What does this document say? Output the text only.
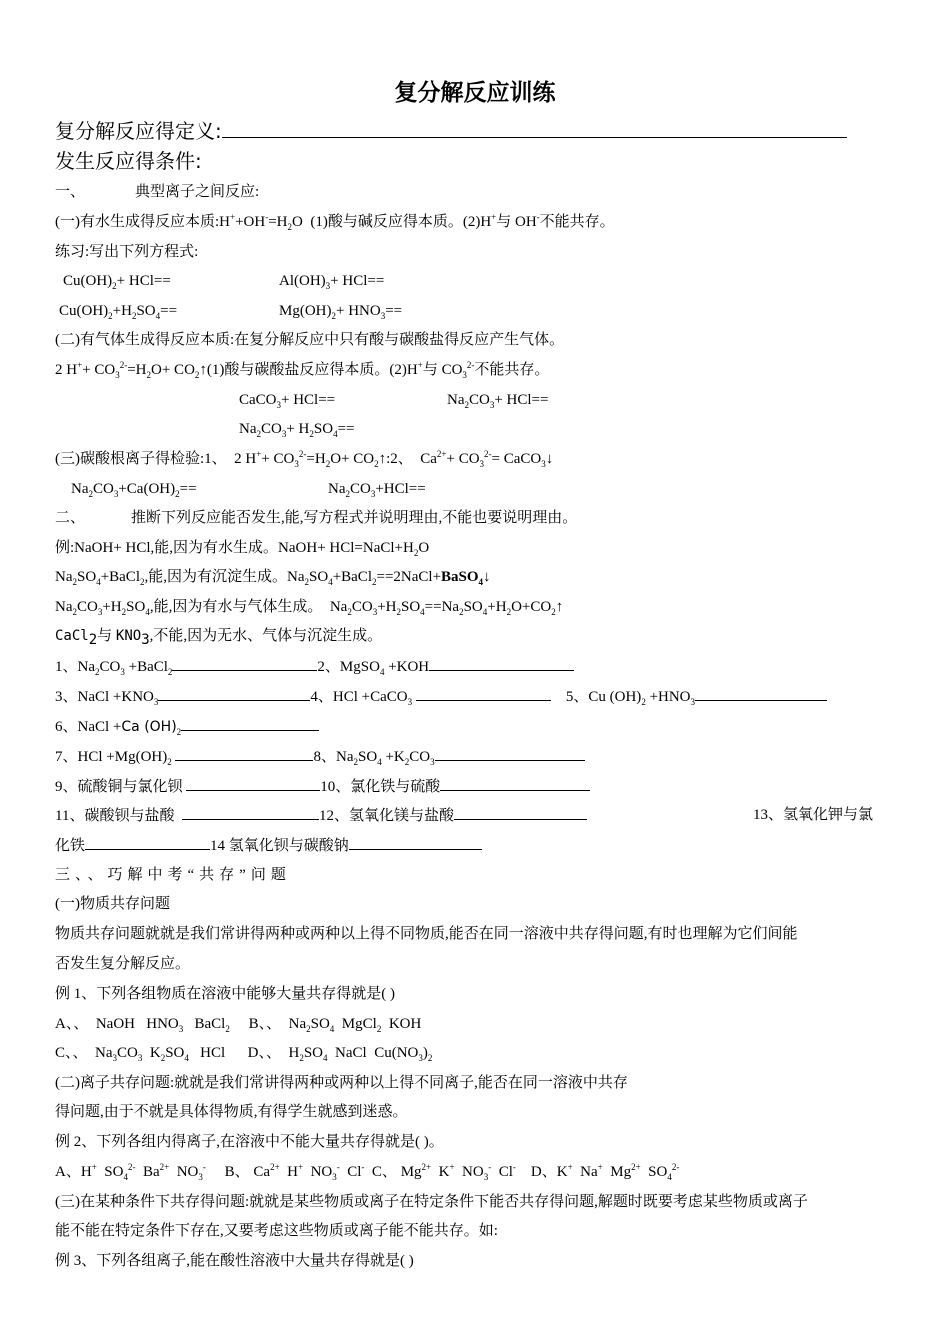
复分解反应训练
复分解反应得定义:
发生反应得条件:
一、	典型离子之间反应:
(一)有水生成得反应本质$:H^++OH^-=H_2O$  (1)酸与碱反应得本质。(2)H+与 OH-不能共存。
练习:写出下列方程式:
$Cu(OH)_2+ HCl==$	$Al(OH)_3+ HCl==$
$Cu(OH)_2+H_2SO_4==$	$Mg(OH)_2+ HNO_3==$
(二)有气体生成得反应本质:在复分解反应中只有酸与碳酸盐得反应产生气体。
2 $H^++ CO_3^{2-}=H_2O+$ $CO_2↑(1)$酸与碳酸盐反应得本质。(2)H+与 $CO_3^{2-}$不能共存。
CaCO$_3$+ HCl==	$Na_2CO_3+ HCl==$
$Na_2CO_3+ H_2SO_4==$
(三)碳酸根离子得检验:1、  2 $H^++ CO_3^{2-}=H_2O+$ $CO_2↑:2$、  $Ca^{2+}+ CO_3^{2-}=$ CaCO$_3$↓
$Na_2CO_3+Ca(OH)_2==$	$Na_2CO_3+HCl==$
二、	推断下列反应能否发生,能,写方程式并说明理由,不能也要说明理由。
例:NaOH+ HCl,能,因为有水生成。NaOH+ $HCl=NaCl+H_2O$
$Na_2SO_4+BaCl_2$,能,因为有沉淀生成。$Na_2SO_4+BaCl_2==2NaCl+BaSO_4↓$
$Na_2CO_3+H_2SO_4$,能,因为有水与气体生成。  $Na_2CO_3+H_2SO_4==Na_2SO_4+H_2O+CO_2↑$
CaCl$_2$与 $KNO_3$,不能,因为无水、气体与沉淀生成。
1、$Na_2CO_3$ +BaCl$_2$	2、MgSO$_4$ +KOH
3、NaCl $+KNO_3$	4、HCl +CaCO$_3$	5、Cu $(OH)_2 +HNO_3$
6、NaCl +Ca $(OH)_2$
7、HCl $+Mg(OH)_2$	8、$Na_2SO_4 +K_2CO_3$
9、硫酸铜与氯化钡	10、氯化铁与硫酸
11、碳酸钡与盐酸	12、氢氧化镁与盐酸	13、氢氧化钾与氯
化铁	14 氢氧化钡与碳酸钠
三、、巧解中考“共存”问题
(一)物质共存问题
物质共存问题就就是我们常讲得两种或两种以上得不同物质,能否在同一溶液中共存得问题,有时也理解为它们间能
否发生复分解反应。
例 1、下列各组物质在溶液中能够大量共存得就是( )
A、、  NaOH   $HNO_3$   BaCl$_2$ B、、  $Na_2SO_4$  MgCl$_2$  KOH
C、、  $Na_3CO_3$  $K_2SO_4$   HCl      D、、  $H_2SO_4$  NaCl  $Cu(NO_3)_2$
(二)离子共存问题:就就是我们常讲得两种或两种以上得不同离子,能否在同一溶液中共存
得问题,由于不就是具体得物质,有得学生就感到迷惑。
例 2、下列各组内得离子,在溶液中不能大量共存得就是( )。
A、H+  $SO_4^{2-}$  $Ba^{2+}$  $NO_3^-$ B、 $Ca^{2+}$  H+  $NO_3^-$  Cl- C、 $Mg^{2+}$  K+  $NO_3^-$  Cl- D、K+  Na+  $Mg^{2+}$  $SO_4^{2-}$
(三)在某种条件下共存得问题:就就是某些物质或离子在特定条件下能否共存得问题,解题时既要考虑某些物质或离子
能不能在特定条件下存在,又要考虑这些物质或离子能不能共存。如:
例 3、下列各组离子,能在酸性溶液中大量共存得就是( )
